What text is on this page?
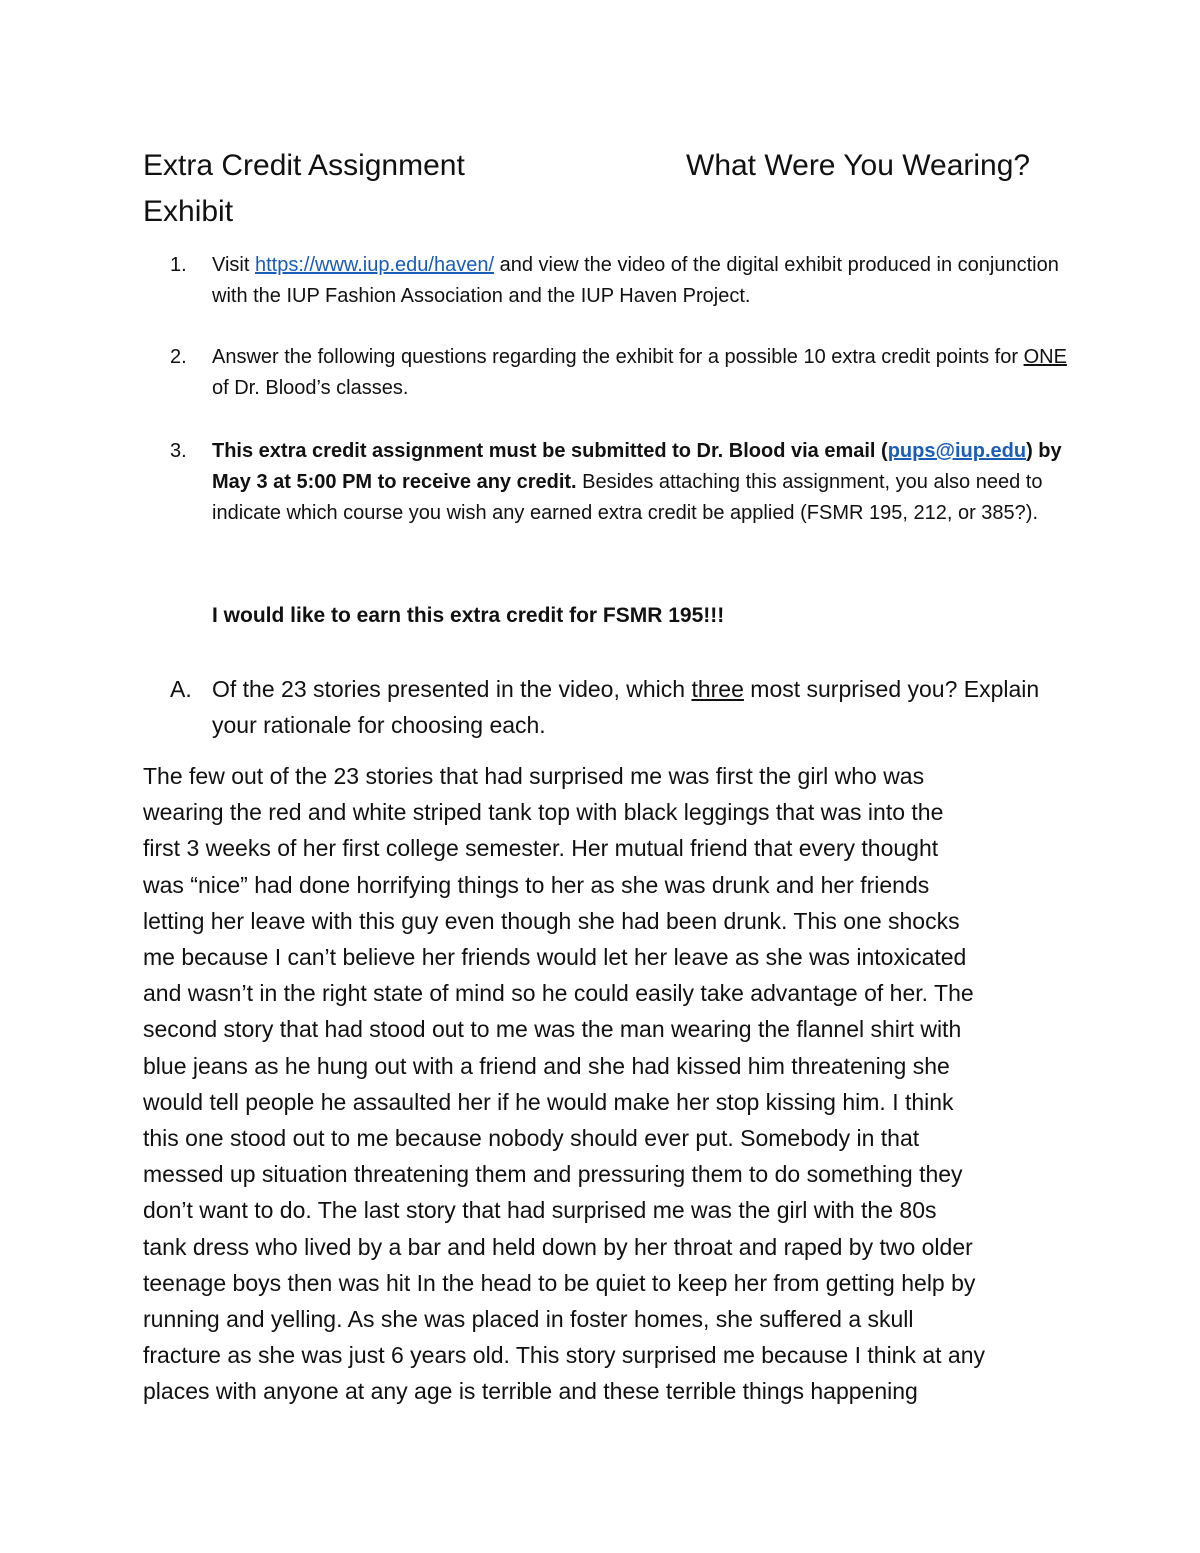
Extra Credit Assignment	What Were You Wearing?
Exhibit
1.	Visit https://www.iup.edu/haven/ and view the video of the digital exhibit produced in conjunction with the IUP Fashion Association and the IUP Haven Project.
2.	Answer the following questions regarding the exhibit for a possible 10 extra credit points for ONE of Dr. Blood’s classes.
3.	This extra credit assignment must be submitted to Dr. Blood via email (pups@iup.edu) by May 3 at 5:00 PM to receive any credit. Besides attaching this assignment, you also need to indicate which course you wish any earned extra credit be applied (FSMR 195, 212, or 385?).
I would like to earn this extra credit for FSMR 195!!!
A. Of the 23 stories presented in the video, which three most surprised you? Explain your rationale for choosing each.
The few out of the 23 stories that had surprised me was first the girl who was
wearing the red and white striped tank top with black leggings that was into the
first 3 weeks of her first college semester. Her mutual friend that every thought
was “nice” had done horrifying things to her as she was drunk and her friends
letting her leave with this guy even though she had been drunk. This one shocks
me because I can’t believe her friends would let her leave as she was intoxicated
and wasn’t in the right state of mind so he could easily take advantage of her. The
second story that had stood out to me was the man wearing the flannel shirt with
blue jeans as he hung out with a friend and she had kissed him threatening she
would tell people he assaulted her if he would make her stop kissing him. I think
this one stood out to me because nobody should ever put. Somebody in that
messed up situation threatening them and pressuring them to do something they
don’t want to do. The last story that had surprised me was the girl with the 80s
tank dress who lived by a bar and held down by her throat and raped by two older
teenage boys then was hit In the head to be quiet to keep her from getting help by
running and yelling. As she was placed in foster homes, she suffered a skull
fracture as she was just 6 years old. This story surprised me because I think at any
places with anyone at any age is terrible and these terrible things happening
